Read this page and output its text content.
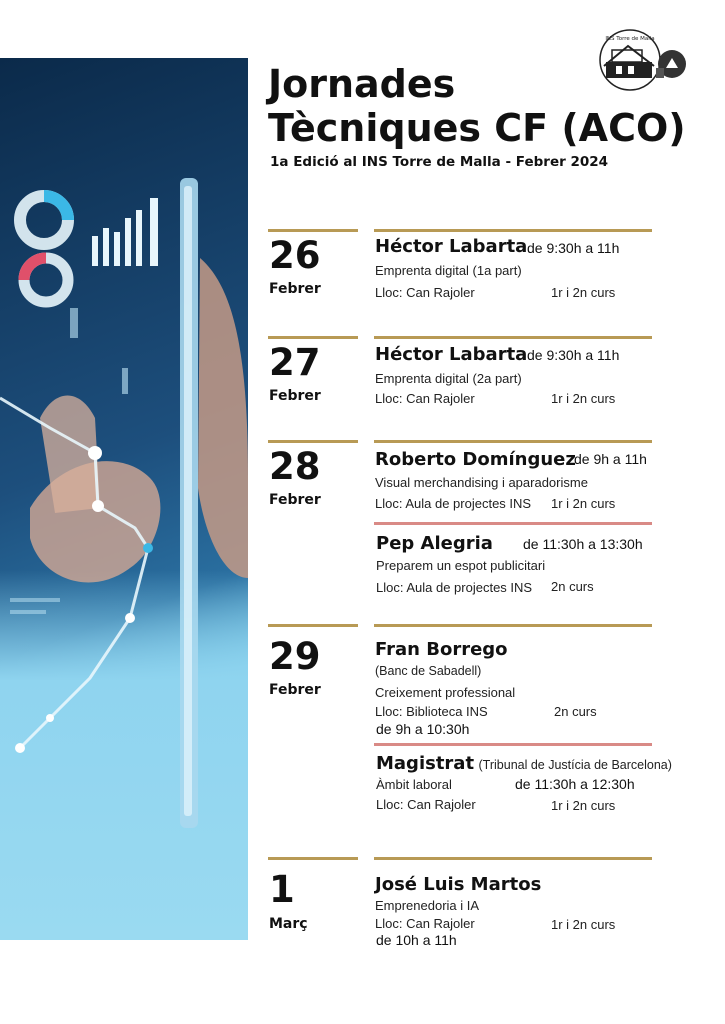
INS Torre de Malla
Jornades
Tècniques CF (ACO)
1a Edició al INS Torre de Malla - Febrer 2024
26
Febrer
Héctor Labarta de 9:30h a 11h
Emprenta digital (1a part)
Lloc: Can Rajoler	1r i 2n curs
27
Febrer
Héctor Labarta de 9:30h a 11h
Emprenta digital (2a part)
Lloc: Can Rajoler	1r i 2n curs
28
Febrer
Roberto Domínguez
de 9h a 11h
Visual merchandising i aparadorisme
Lloc: Aula de projectes INS 1r i 2n curs
Pep Alegria de 11:30h a 13:30h
Preparem un espot publicitari
Lloc: Aula de projectes INS 2n curs
29
Febrer
Fran Borrego
(Banc de Sabadell)
Creixement professional
Lloc: Biblioteca INS	2n curs
de 9h a 10:30h
Magistrat (Tribunal de Justícia de Barcelona)
Àmbit laboral	de 11:30h a 12:30h
Lloc: Can Rajoler	1r i 2n curs
1
Març
José Luis Martos
Emprenedoria i IA
Lloc: Can Rajoler	1r i 2n curs
de 10h a 11h
